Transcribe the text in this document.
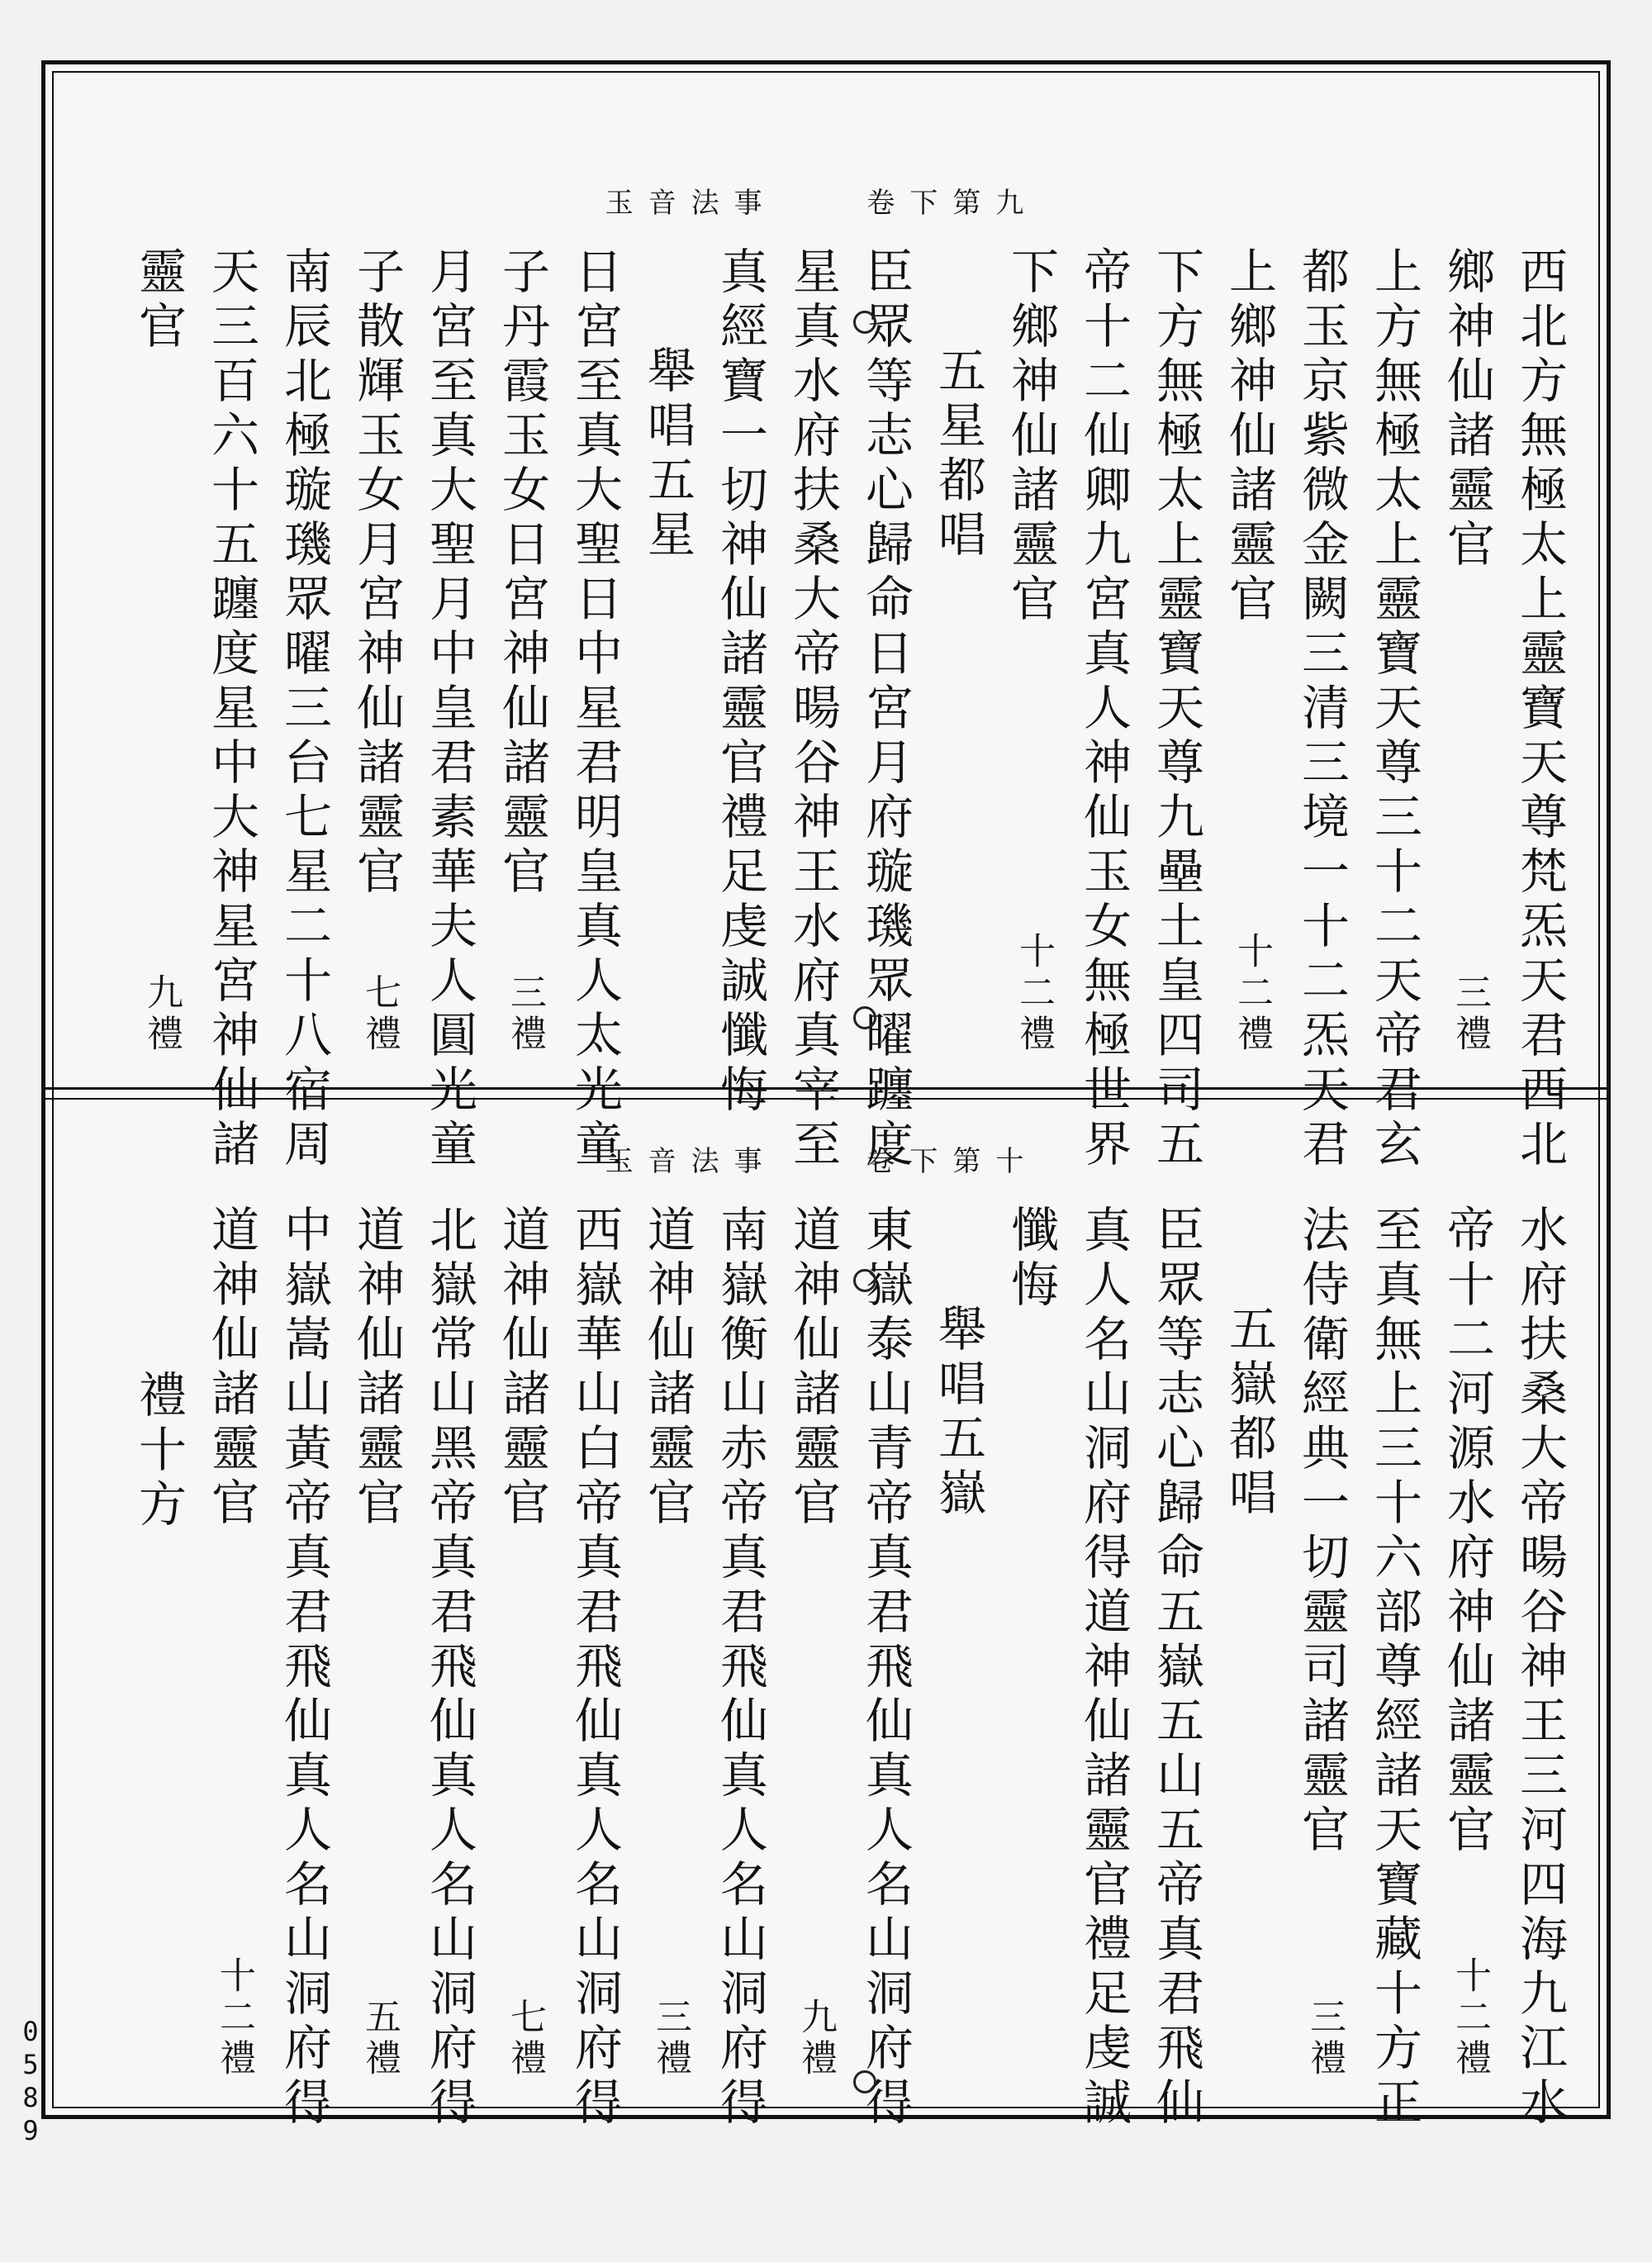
玉音法事	卷下第九
西北方無極太上靈寶天尊梵炁天君西北
鄉神仙諸靈官
三禮
上方無極太上靈寶天尊三十二天帝君玄
都玉京紫微金闕三清三境一十二炁天君
上鄉神仙諸靈官
十二禮
下方無極太上靈寶天尊九壘土皇四司五
帝十二仙卿九宮真人神仙玉女無極世界
下鄉神仙諸靈官
十二禮
五星都唱
臣眾等志心歸命日宮月府璇璣眾曜躔度
星真水府扶桑大帝暘谷神王水府真宰至
真經寶一切神仙諸靈官禮足虔誠懺悔
舉唱五星
日宮至真大聖日中星君明皇真人太光童
子丹霞玉女日宮神仙諸靈官
三禮
月宮至真大聖月中皇君素華夫人圓光童
子散輝玉女月宮神仙諸靈官
七禮
南辰北極璇璣眾曜三台七星二十八宿周
天三百六十五躔度星中大神星宮神仙諸
靈官
九禮
玉音法事	卷下第十
水府扶桑大帝暘谷神王三河四海九江水
帝十二河源水府神仙諸靈官
十二禮
至真無上三十六部尊經諸天寶藏十方正
法侍衛經典一切靈司諸靈官
三禮
五嶽都唱
臣眾等志心歸命五嶽五山五帝真君飛仙
真人名山洞府得道神仙諸靈官禮足虔誠
懺悔
舉唱五嶽
東嶽泰山青帝真君飛仙真人名山洞府得
道神仙諸靈官
九禮
南嶽衡山赤帝真君飛仙真人名山洞府得
道神仙諸靈官
三禮
西嶽華山白帝真君飛仙真人名山洞府得
道神仙諸靈官
七禮
北嶽常山黑帝真君飛仙真人名山洞府得
道神仙諸靈官
五禮
中嶽嵩山黃帝真君飛仙真人名山洞府得
道神仙諸靈官
十二禮
禮十方
0589
